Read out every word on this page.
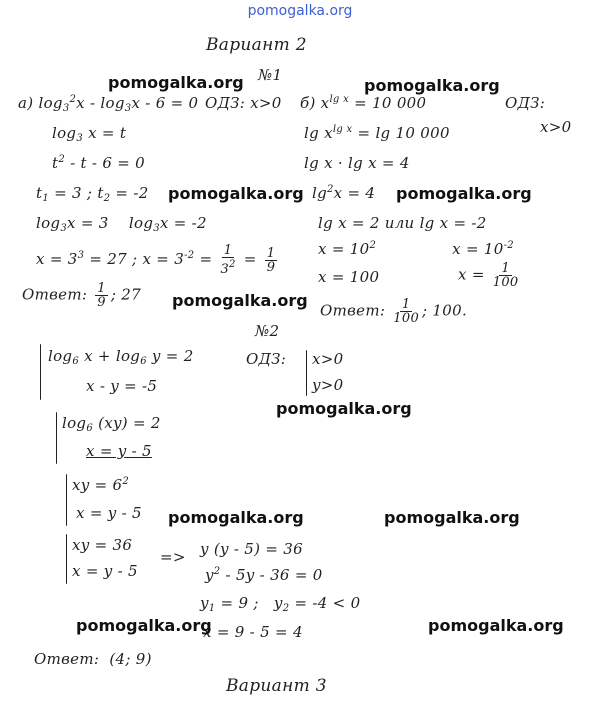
pomogalka.org
Вариант 2
№1
a) $\log_3^2x - \log_3x - 6 = 0$ ОДЗ: x>0
$\log_3 x = t$
$t^2 - t - 6 = 0$
$t_1 = 3$ ; $t_2 = -2$
$\log_3x = 3$    $\log_3x = -2$
$x = 3^3 = 27$ ; $x = 3^{-2} = \frac{1}{3^2} = \frac{1}{9}$
Ответ: $\frac{1}{9}$ ; 27
б) $x^{lg x} = 10$ 000	ОДЗ:
x>0
$\lg x^{lg x} = \lg 10$ 000
lg x · lg x = 4
$\lg^2x = 4$
lg x = 2 или lg x = -2
$x = 10^2$               $x = 10^{-2}$
x = 100	$x = \frac{1}{100}$
Ответ: $\frac{1}{100}$ ; 100.
№2
$\log_6 x + \log_6 y = 2$
x - y = -5
ОДЗ: x>0
y>0
$\log_6 (xy) = 2$
x = y - 5
xy = $6^2$
x = y - 5
xy = 36
x = y - 5
=> y (y - 5) = 36
$y^2 - 5y - 36 = 0$
$y_1 = 9$ ;   $y_2 = -4 < 0$
x = 9 - 5 = 4
Ответ: (4; 9)
Вариант 3
pomogalka.org	pomogalka.org
pomogalka.org	pomogalka.org
pomogalka.org
pomogalka.org
pomogalka.org	pomogalka.org
pomogalka.org	pomogalka.org
